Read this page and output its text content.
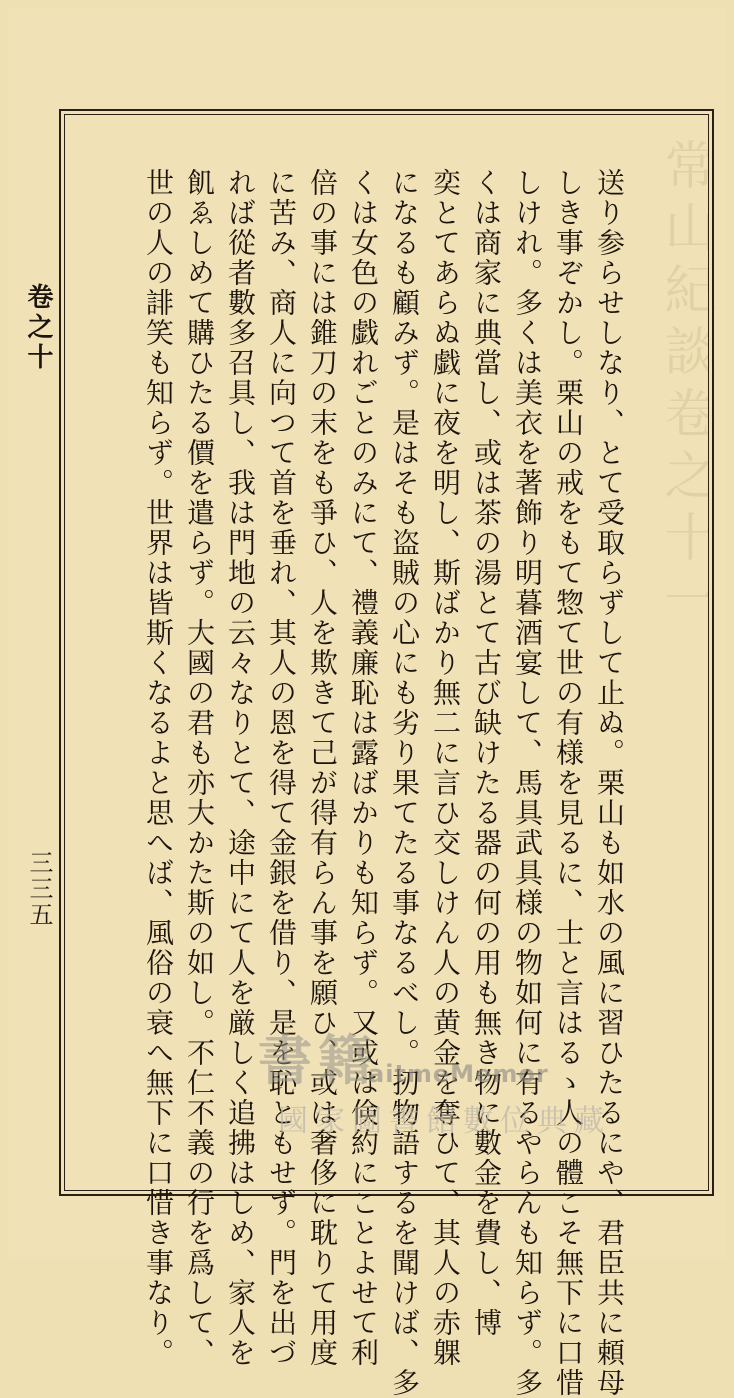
常山紀談卷之十一
卷之十
三三五	送り参らせしなり、とて受取らずして止ぬ。栗山も如水の風に習ひたるにや、君臣共に頼母

しき事ぞかし。栗山の戒をもて惣て世の有様を見るに、士と言はるゝ人の體こそ無下に口惜

しけれ。多くは美衣を著飾り明暮酒宴して、馬具武具様の物如何に有るやらんも知らず。多

くは商家に典當し、或は茶の湯とて古び缺けたる器の何の用も無き物に數金を費し、博

奕とてあらぬ戯に夜を明し、斯ばかり無二に言ひ交しけん人の黄金を奪ひて、其人の赤躶

になるも顧みず。是はそも盗賊の心にも劣り果てたる事なるべし。扨物語するを聞けば、多

くは女色の戯れごとのみにて、禮義廉恥は露ばかりも知らず。又或は倹約にことよせて利

倍の事には錐刀の末をも爭ひ、人を欺きて己が得有らん事を願ひ、或は奢侈に耽りて用度

に苦み、商人に向つて首を垂れ、其人の恩を得て金銀を借り、是を恥ともせず。門を出づ

れば從者數多召具し、我は門地の云々なりとて、途中にて人を厳しく追拂はしめ、家人を

飢ゑしめて購ひたる價を遣らず。大國の君も亦大かた斯の如し。不仁不義の行を爲して、

世の人の誹笑も知らず。世界は皆斯くなるよと思へば、風俗の衰へ無下に口惜き事なり。 書籍
aitmeMemor
國家圖書館數位典藏
